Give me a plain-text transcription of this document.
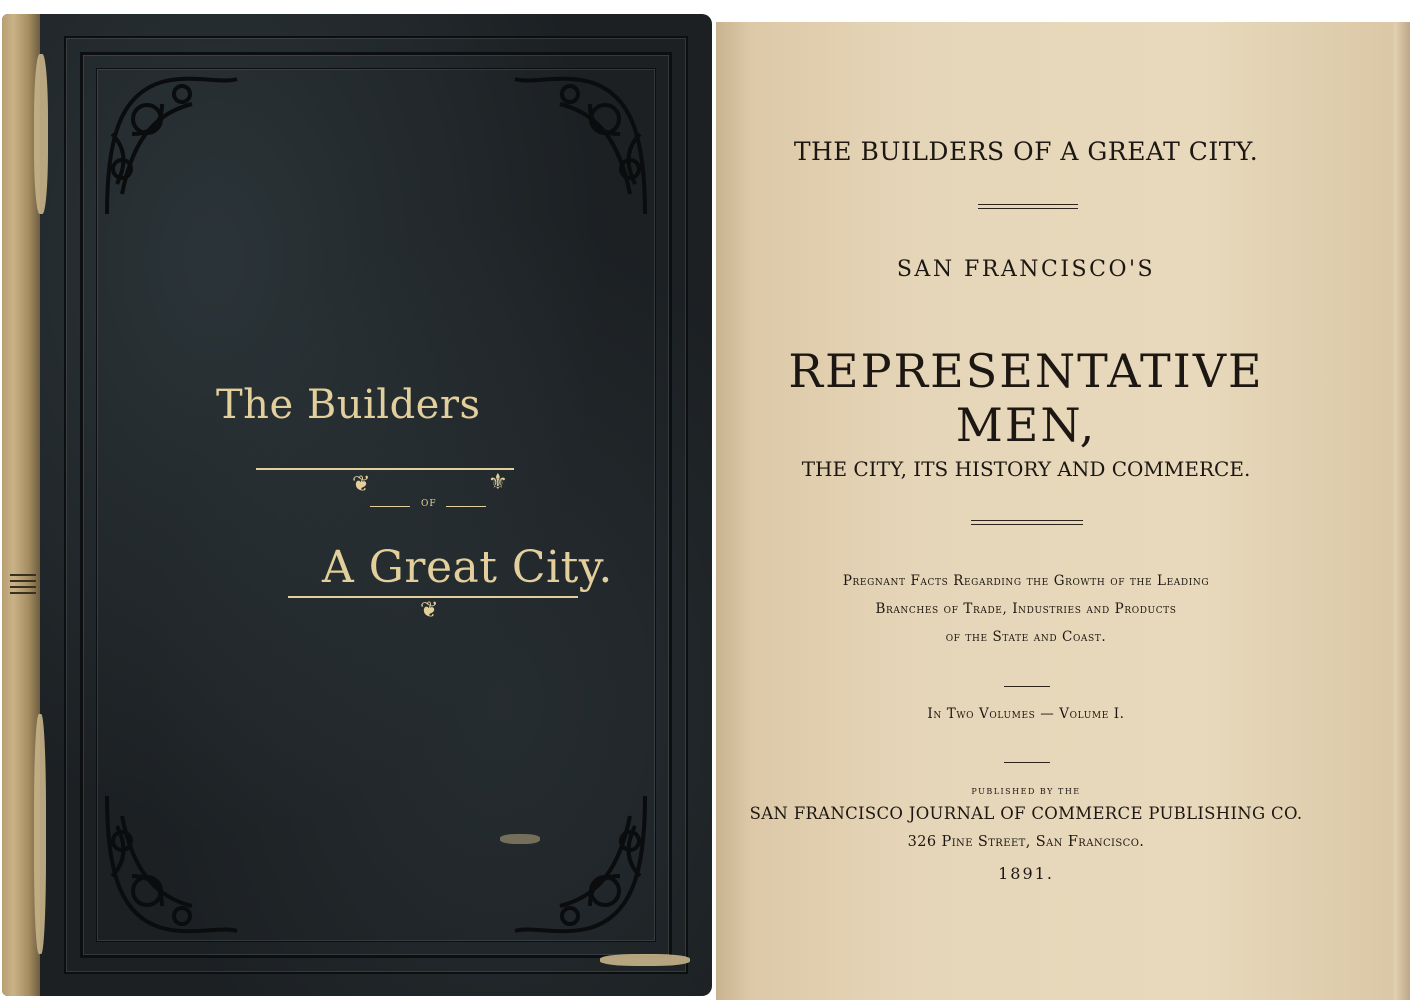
The Builders
❦	⚜
OF
A Great City.
❦
THE BUILDERS OF A GREAT CITY.
SAN FRANCISCO'S
REPRESENTATIVE MEN,
THE CITY, ITS HISTORY AND COMMERCE.
Pregnant Facts Regarding the Growth of the Leading
Branches of Trade, Industries and Products
of the State and Coast.
In Two Volumes — Volume I.
PUBLISHED BY THE
SAN FRANCISCO JOURNAL OF COMMERCE PUBLISHING CO.
326 Pine Street, San Francisco.
1891.
